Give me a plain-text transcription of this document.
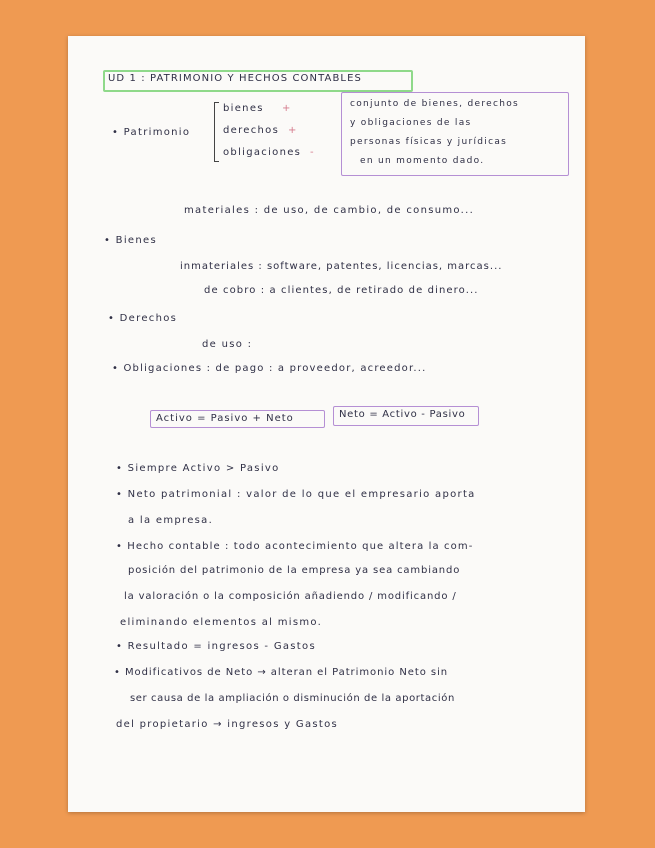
UD 1 : PATRIMONIO Y HECHOS CONTABLES
• Patrimonio
bienes +
derechos +
obligaciones -
conjunto de bienes, derechos
y obligaciones de las
personas físicas y jurídicas
en un momento dado.
materiales : de uso, de cambio, de consumo...
• Bienes
inmateriales : software, patentes, licencias, marcas...
de cobro : a clientes, de retirado de dinero...
• Derechos
de uso :
• Obligaciones : de pago : a proveedor, acreedor...
Activo = Pasivo + Neto	Neto = Activo - Pasivo
• Siempre Activo > Pasivo
• Neto patrimonial : valor de lo que el empresario aporta
a la empresa.
• Hecho contable : todo acontecimiento que altera la com-
posición del patrimonio de la empresa ya sea cambiando
la valoración o la composición añadiendo / modificando /
eliminando elementos al mismo.
• Resultado = ingresos - Gastos
• Modificativos de Neto → alteran el Patrimonio Neto sin
ser causa de la ampliación o disminución de la aportación
del propietario → ingresos y Gastos
